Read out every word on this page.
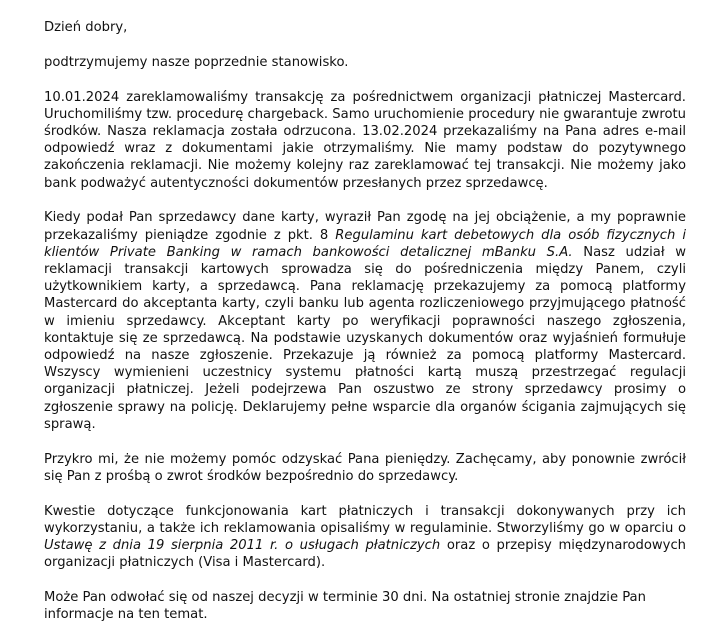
Dzień dobry,

podtrzymujemy nasze poprzednie stanowisko.

10.01.2024 zareklamowaliśmy transakcję za pośrednictwem organizacji płatniczej Mastercard. Uruchomiliśmy tzw. procedurę chargeback. Samo uruchomienie procedury nie gwarantuje zwrotu środków. Nasza reklamacja została odrzucona. 13.02.2024 przekazaliśmy na Pana adres e-mail odpowiedź wraz z dokumentami jakie otrzymaliśmy. Nie mamy podstaw do pozytywnego zakończenia reklamacji. Nie możemy kolejny raz zareklamować tej transakcji. Nie możemy jako bank podważyć autentyczności dokumentów przesłanych przez sprzedawcę.

Kiedy podał Pan sprzedawcy dane karty, wyraził Pan zgodę na jej obciążenie, a my poprawnie przekazaliśmy pieniądze zgodnie z pkt. 8 Regulaminu kart debetowych dla osób fizycznych i klientów Private Banking w ramach bankowości detalicznej mBanku S.A. Nasz udział w reklamacji transakcji kartowych sprowadza się do pośredniczenia między Panem, czyli użytkownikiem karty, a sprzedawcą. Pana reklamację przekazujemy za pomocą platformy Mastercard do akceptanta karty, czyli banku lub agenta rozliczeniowego przyjmującego płatność w imieniu sprzedawcy. Akceptant karty po weryfikacji poprawności naszego zgłoszenia, kontaktuje się ze sprzedawcą. Na podstawie uzyskanych dokumentów oraz wyjaśnień formułuje odpowiedź na nasze zgłoszenie. Przekazuje ją również za pomocą platformy Mastercard. Wszyscy wymienieni uczestnicy systemu płatności kartą muszą przestrzegać regulacji organizacji płatniczej. Jeżeli podejrzewa Pan oszustwo ze strony sprzedawcy prosimy o zgłoszenie sprawy na policję. Deklarujemy pełne wsparcie dla organów ścigania zajmujących się sprawą.

Przykro mi, że nie możemy pomóc odzyskać Pana pieniędzy. Zachęcamy, aby ponownie zwrócił się Pan z prośbą o zwrot środków bezpośrednio do sprzedawcy.

Kwestie dotyczące funkcjonowania kart płatniczych i transakcji dokonywanych przy ich wykorzystaniu, a także ich reklamowania opisaliśmy w regulaminie. Stworzyliśmy go w oparciu o Ustawę z dnia 19 sierpnia 2011 r. o usługach płatniczych oraz o przepisy międzynarodowych organizacji płatniczych (Visa i Mastercard).

Może Pan odwołać się od naszej decyzji w terminie 30 dni. Na ostatniej stronie znajdzie Pan informacje na ten temat.
